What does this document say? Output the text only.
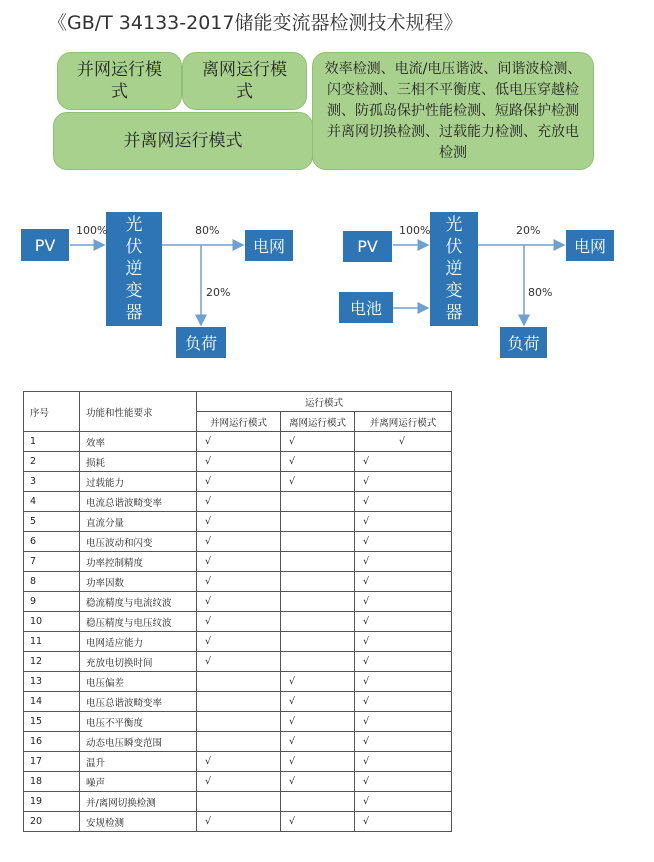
《GB/T 34133-2017储能变流器检测技术规程》
并网运行模式
离网运行模式
并离网运行模式
效率检测、电流/电压谐波、间谐波检测、闪变检测、三相不平衡度、低电压穿越检测、防孤岛保护性能检测、短路保护检测并离网切换检测、过载能力检测、充放电检测
PV
光
伏
逆
变
器
电网
负荷
100%	80%
20%
PV
电池
光
伏
逆
变
器
电网
负荷
100%	20%
80%
序号	功能和性能要求	运行模式		
		并网运行模式	离网运行模式	并离网运行模式
1	效率	√	√	√
2	损耗	√	√	√
3	过载能力	√	√	√
4	电流总谐波畸变率	√		√
5	直流分量	√		√
6	电压波动和闪变	√		√
7	功率控制精度	√		√
8	功率因数	√		√
9	稳流精度与电流纹波	√		√
10	稳压精度与电压纹波	√		√
11	电网适应能力	√		√
12	充放电切换时间	√		√
13	电压偏差		√	√
14	电压总谐波畸变率		√	√
15	电压不平衡度		√	√
16	动态电压瞬变范围		√	√
17	温升	√	√	√
18	噪声	√	√	√
19	并/离网切换检测			√
20	安规检测	√	√	√
